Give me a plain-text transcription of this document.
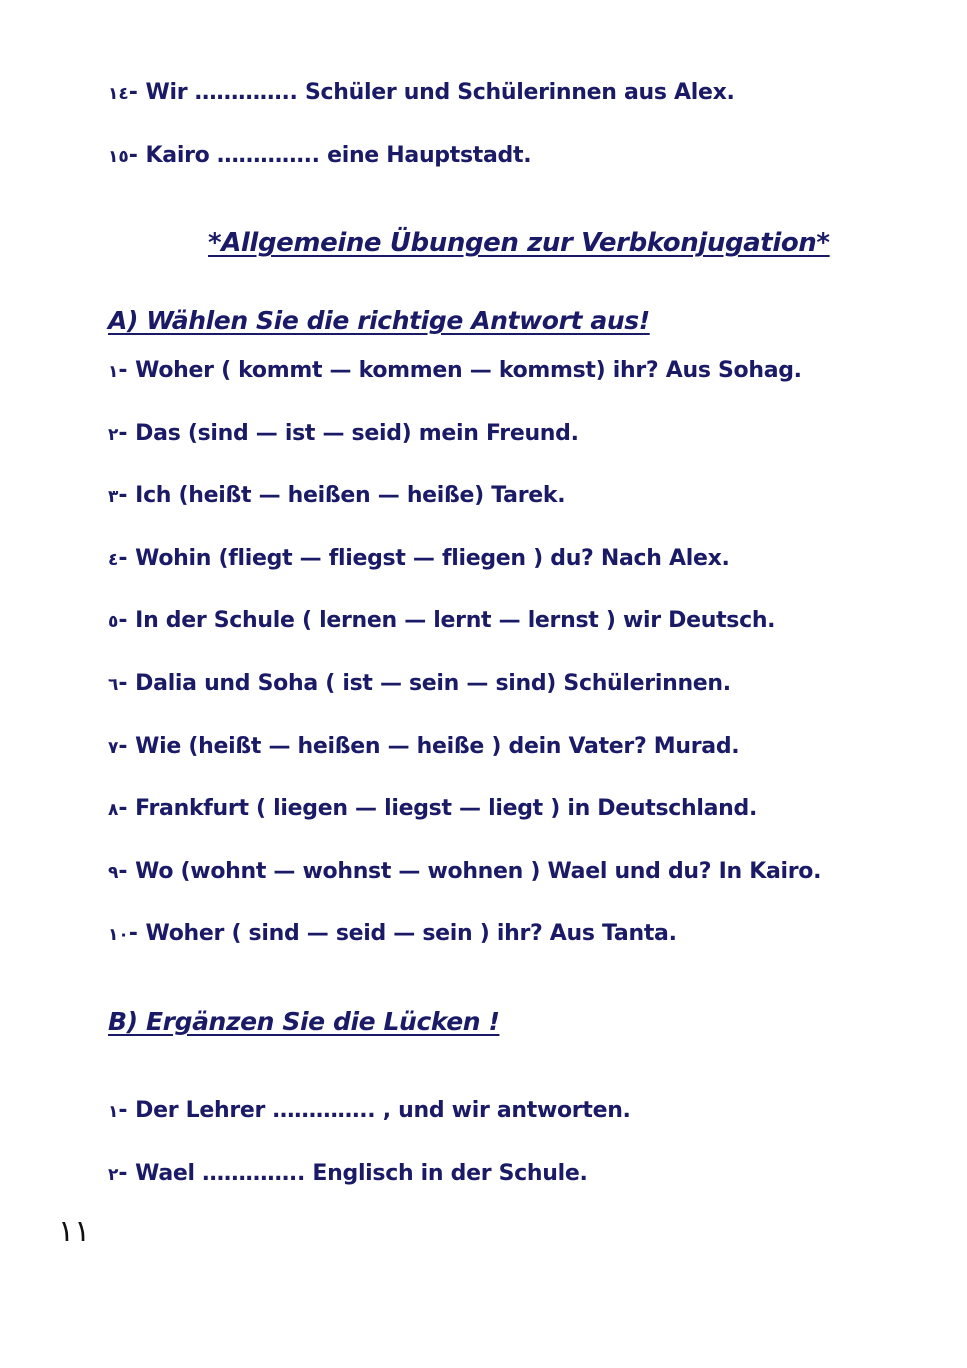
١٤- Wir ………….. Schüler und Schülerinnen aus Alex.
١٥- Kairo ………….. eine Hauptstadt.
*Allgemeine Übungen zur Verbkonjugation*
A) Wählen Sie die richtige Antwort aus!
١- Woher ( kommt — kommen — kommst) ihr? Aus Sohag.
٢- Das (sind — ist — seid) mein Freund.
٣- Ich (heißt — heißen — heiße) Tarek.
٤- Wohin (fliegt — fliegst — fliegen ) du? Nach Alex.
٥- In der Schule ( lernen — lernt — lernst ) wir Deutsch.
٦- Dalia und Soha ( ist — sein — sind) Schülerinnen.
٧- Wie (heißt — heißen — heiße ) dein Vater? Murad.
٨- Frankfurt ( liegen — liegst — liegt ) in Deutschland.
٩- Wo (wohnt — wohnst — wohnen ) Wael und du? In Kairo.
١٠- Woher ( sind — seid — sein ) ihr? Aus Tanta.
B) Ergänzen Sie die Lücken !
١- Der Lehrer ………….. , und wir antworten.
٢- Wael ………….. Englisch in der Schule.
١١
